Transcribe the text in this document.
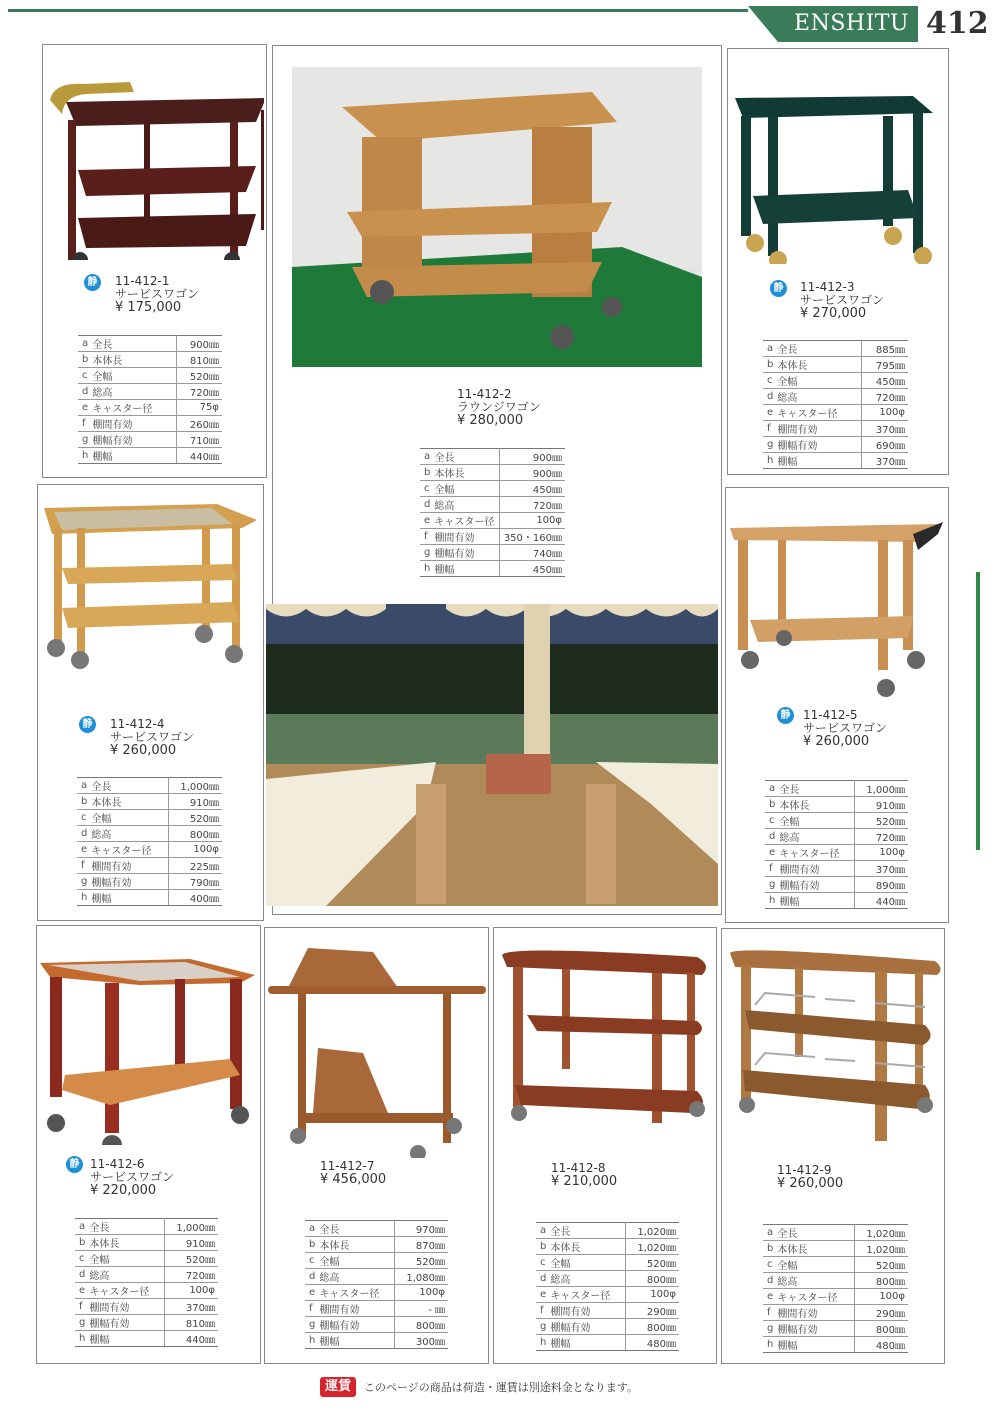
ENSHITU 412
静 11-412-1
サービスワゴン
¥ 175,000
a	全長	900㎜
b	本体長	810㎜
c	全幅	520㎜
d	総高	720㎜
e	キャスター径	75φ
f	棚間有効	260㎜
g	棚幅有効	710㎜
h	棚幅	440㎜
11-412-2
ラウンジワゴン
¥ 280,000
a	全長	900㎜
b	本体長	900㎜
c	全幅	450㎜
d	総高	720㎜
e	キャスター径	100φ
f	棚間有効	350・160㎜
g	棚幅有効	740㎜
h	棚幅	450㎜
静 11-412-3
サービスワゴン
¥ 270,000
a	全長	885㎜
b	本体長	795㎜
c	全幅	450㎜
d	総高	720㎜
e	キャスター径	100φ
f	棚間有効	370㎜
g	棚幅有効	690㎜
h	棚幅	370㎜
静 11-412-4
サービスワゴン
¥ 260,000
a	全長	1,000㎜
b	本体長	910㎜
c	全幅	520㎜
d	総高	800㎜
e	キャスター径	100φ
f	棚間有効	225㎜
g	棚幅有効	790㎜
h	棚幅	400㎜
静 11-412-5
サービスワゴン
¥ 260,000
a	全長	1,000㎜
b	本体長	910㎜
c	全幅	520㎜
d	総高	720㎜
e	キャスター径	100φ
f	棚間有効	370㎜
g	棚幅有効	890㎜
h	棚幅	440㎜
静 11-412-6
サービスワゴン
¥ 220,000
a	全長	1,000㎜
b	本体長	910㎜
c	全幅	520㎜
d	総高	720㎜
e	キャスター径	100φ
f	棚間有効	370㎜
g	棚幅有効	810㎜
h	棚幅	440㎜
11-412-7
¥ 456,000
a	全長	970㎜
b	本体長	870㎜
c	全幅	520㎜
d	総高	1,080㎜
e	キャスター径	100φ
f	棚間有効	- ㎜
g	棚幅有効	800㎜
h	棚幅	300㎜
11-412-8
¥ 210,000
a	全長	1,020㎜
b	本体長	1,020㎜
c	全幅	520㎜
d	総高	800㎜
e	キャスター径	100φ
f	棚間有効	290㎜
g	棚幅有効	800㎜
h	棚幅	480㎜
11-412-9
¥ 260,000
a	全長	1,020㎜
b	本体長	1,020㎜
c	全幅	520㎜
d	総高	800㎜
e	キャスター径	100φ
f	棚間有効	290㎜
g	棚幅有効	800㎜
h	棚幅	480㎜
運賃	このページの商品は荷造・運賃は別途料金となります。
